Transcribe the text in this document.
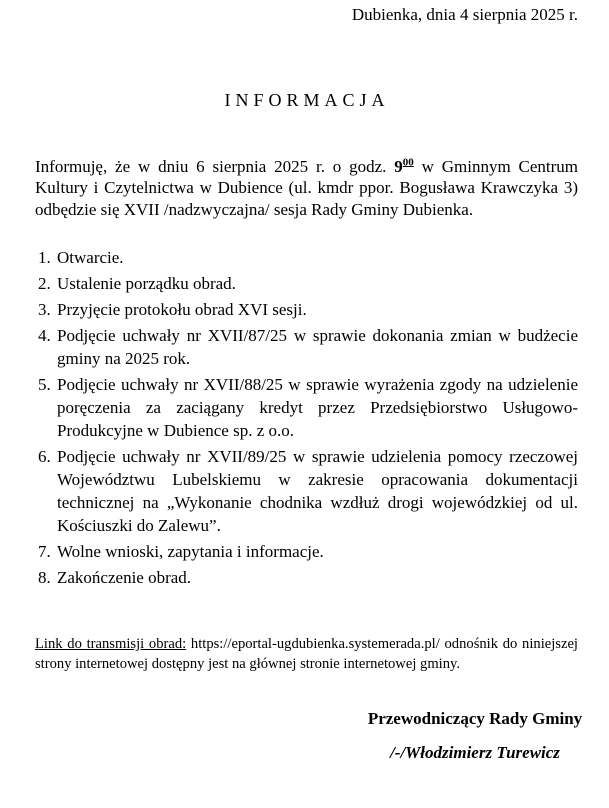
Dubienka, dnia 4 sierpnia 2025 r.
INFORMACJA

Informuję, że w dniu 6 sierpnia 2025 r. o godz. $9^{00}$ w Gminnym Centrum Kultury i Czytelnictwa w Dubience (ul. kmdr ppor. Bogusława Krawczyka 3) odbędzie się XVII /nadzwyczajna/ sesja Rady Gminy Dubienka.

1. Otwarcie.
2. Ustalenie porządku obrad.
3. Przyjęcie protokołu obrad XVI sesji.
4. Podjęcie uchwały nr XVII/87/25 w sprawie dokonania zmian w budżecie gminy na 2025 rok.
5. Podjęcie uchwały nr XVII/88/25 w sprawie wyrażenia zgody na udzielenie poręczenia za zaciągany kredyt przez Przedsiębiorstwo Usługowo-Produkcyjne w Dubience sp. z o.o.
6. Podjęcie uchwały nr XVII/89/25 w sprawie udzielenia pomocy rzeczowej Województwu Lubelskiemu w zakresie opracowania dokumentacji technicznej na „Wykonanie chodnika wzdłuż drogi wojewódzkiej od ul. Kościuszki do Zalewu”.
7. Wolne wnioski, zapytania i informacje.
8. Zakończenie obrad.

Link do transmisji obrad: https://eportal-ugdubienka.systemerada.pl/ odnośnik do niniejszej strony internetowej dostępny jest na głównej stronie internetowej gminy.

Przewodniczący Rady Gminy
/-/Włodzimierz Turewicz
